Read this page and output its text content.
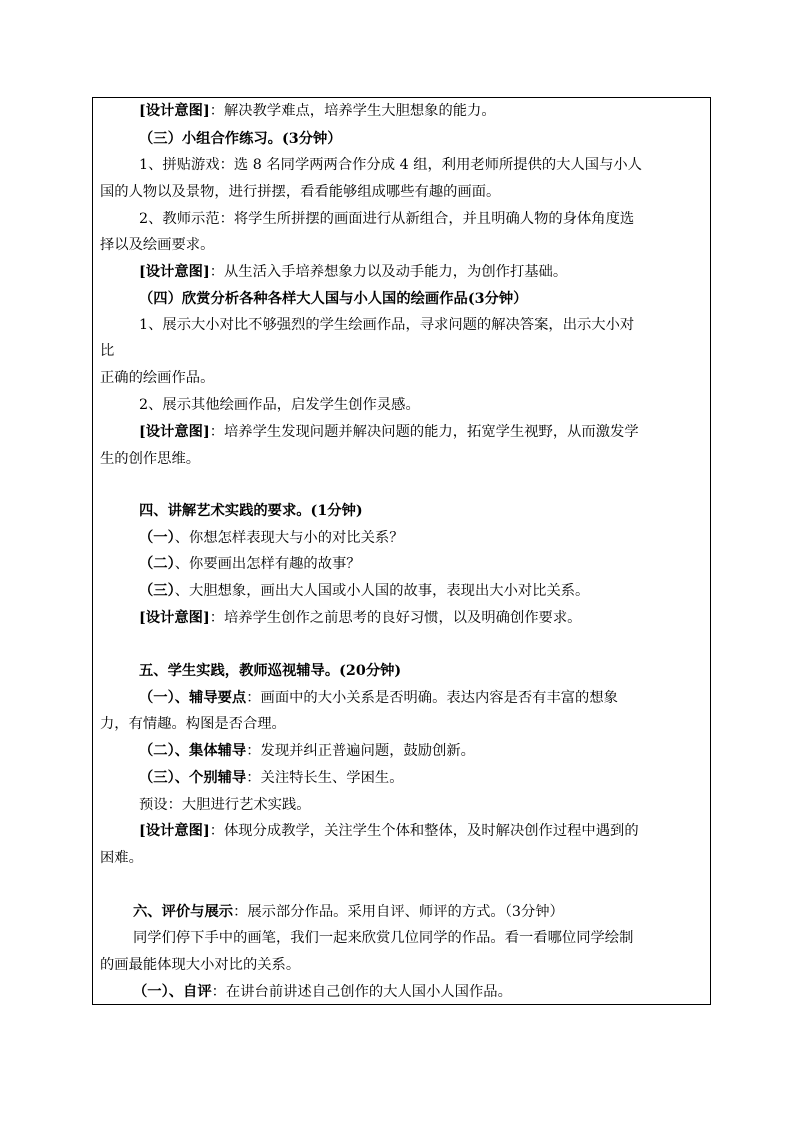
[设计意图]：解决教学难点，培养学生大胆想象的能力。
（三）小组合作练习。(3分钟）
1、拼贴游戏：选 8 名同学两两合作分成 4 组，利用老师所提供的大人国与小人
国的人物以及景物，进行拼摆，看看能够组成哪些有趣的画面。
2、教师示范：将学生所拼摆的画面进行从新组合，并且明确人物的身体角度选
择以及绘画要求。
[设计意图]：从生活入手培养想象力以及动手能力，为创作打基础。
（四）欣赏分析各种各样大人国与小人国的绘画作品(3分钟）
1、展示大小对比不够强烈的学生绘画作品，寻求问题的解决答案，出示大小对
比
正确的绘画作品。
2、展示其他绘画作品，启发学生创作灵感。
[设计意图]：培养学生发现问题并解决问题的能力，拓宽学生视野，从而激发学
生的创作思维。
四、讲解艺术实践的要求。(1分钟)
（一）、你想怎样表现大与小的对比关系？
（二）、你要画出怎样有趣的故事？
（三）、大胆想象，画出大人国或小人国的故事，表现出大小对比关系。
[设计意图]：培养学生创作之前思考的良好习惯，以及明确创作要求。
五、学生实践，教师巡视辅导。(20分钟)
（一）、辅导要点：画面中的大小关系是否明确。表达内容是否有丰富的想象
力，有情趣。构图是否合理。
（二）、集体辅导：发现并纠正普遍问题，鼓励创新。
（三）、个别辅导：关注特长生、学困生。
预设：大胆进行艺术实践。
[设计意图]：体现分成教学，关注学生个体和整体，及时解决创作过程中遇到的
困难。
六、评价与展示：展示部分作品。采用自评、师评的方式。（3分钟）
同学们停下手中的画笔，我们一起来欣赏几位同学的作品。看一看哪位同学绘制
的画最能体现大小对比的关系。
（一）、自评：在讲台前讲述自己创作的大人国小人国作品。
